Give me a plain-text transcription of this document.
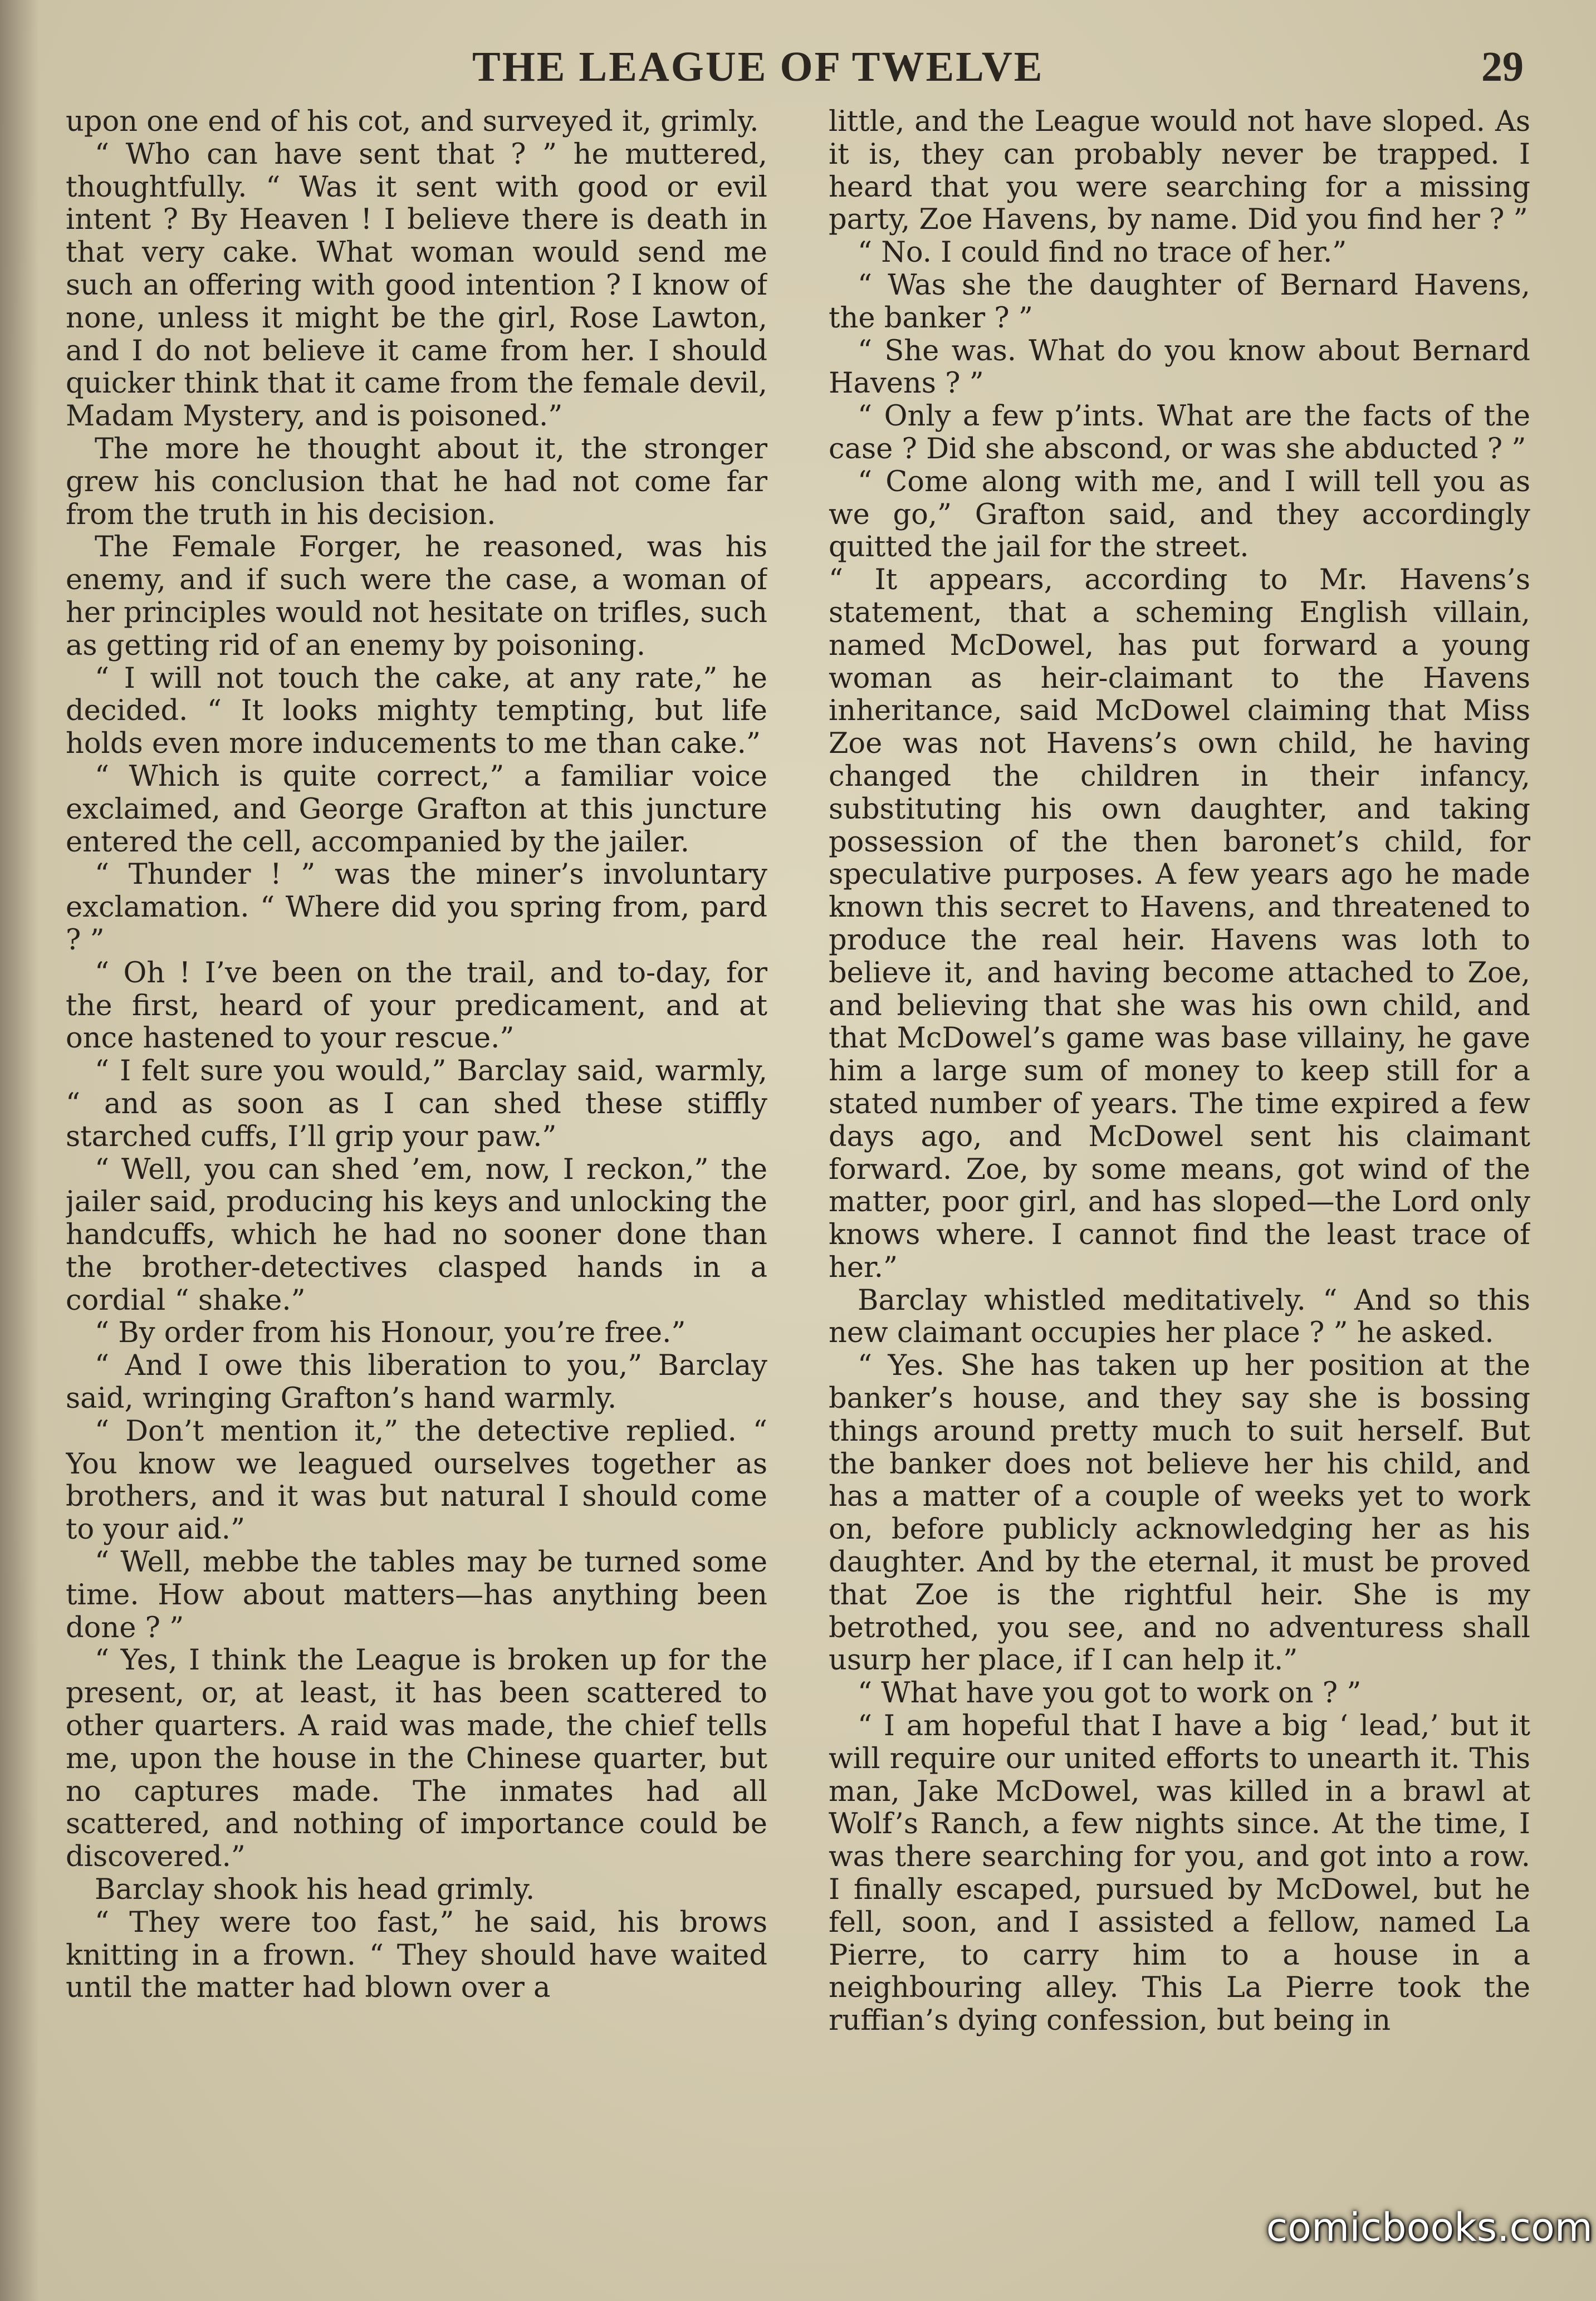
THE LEAGUE OF TWELVE	29

upon one end of his cot, and surveyed it, grimly.

“ Who can have sent that ? ” he muttered, thoughtfully. “ Was it sent with good or evil intent ? By Heaven ! I believe there is death in that very cake. What woman would send me such an offering with good intention ? I know of none, unless it might be the girl, Rose Lawton, and I do not believe it came from her. I should quicker think that it came from the female devil, Madam Mystery, and is poisoned.”

The more he thought about it, the stronger grew his conclusion that he had not come far from the truth in his decision.

The Female Forger, he reasoned, was his enemy, and if such were the case, a woman of her principles would not hesitate on trifles, such as getting rid of an enemy by poisoning.

“ I will not touch the cake, at any rate,” he decided. “ It looks mighty tempting, but life holds even more inducements to me than cake.”

“ Which is quite correct,” a familiar voice exclaimed, and George Grafton at this juncture entered the cell, accompanied by the jailer.

“ Thunder ! ” was the miner’s involuntary exclamation. “ Where did you spring from, pard ? ”

“ Oh ! I’ve been on the trail, and to-day, for the first, heard of your predicament, and at once hastened to your rescue.”

“ I felt sure you would,” Barclay said, warmly, “ and as soon as I can shed these stiffly starched cuffs, I’ll grip your paw.”

“ Well, you can shed ’em, now, I reckon,” the jailer said, producing his keys and unlocking the handcuffs, which he had no sooner done than the brother-detectives clasped hands in a cordial “ shake.”

“ By order from his Honour, you’re free.”

“ And I owe this liberation to you,” Barclay said, wringing Grafton’s hand warmly.

“ Don’t mention it,” the detective replied. “ You know we leagued ourselves together as brothers, and it was but natural I should come to your aid.”

“ Well, mebbe the tables may be turned some time. How about matters—has anything been done ? ”

“ Yes, I think the League is broken up for the present, or, at least, it has been scattered to other quarters. A raid was made, the chief tells me, upon the house in the Chinese quarter, but no captures made. The inmates had all scattered, and nothing of importance could be discovered.”

Barclay shook his head grimly.

“ They were too fast,” he said, his brows knitting in a frown. “ They should have waited until the matter had blown over a

little, and the League would not have sloped. As it is, they can probably never be trapped. I heard that you were searching for a missing party, Zoe Havens, by name. Did you find her ? ”

“ No. I could find no trace of her.”

“ Was she the daughter of Bernard Havens, the banker ? ”

“ She was. What do you know about Bernard Havens ? ”

“ Only a few p’ints. What are the facts of the case ? Did she abscond, or was she abducted ? ”

“ Come along with me, and I will tell you as we go,” Grafton said, and they accordingly quitted the jail for the street.

“ It appears, according to Mr. Havens’s statement, that a scheming English villain, named McDowel, has put forward a young woman as heir-claimant to the Havens inheritance, said McDowel claiming that Miss Zoe was not Havens’s own child, he having changed the children in their infancy, substituting his own daughter, and taking possession of the then baronet’s child, for speculative purposes. A few years ago he made known this secret to Havens, and threatened to produce the real heir. Havens was loth to believe it, and having become attached to Zoe, and believing that she was his own child, and that McDowel’s game was base villainy, he gave him a large sum of money to keep still for a stated number of years. The time expired a few days ago, and McDowel sent his claimant forward. Zoe, by some means, got wind of the matter, poor girl, and has sloped—the Lord only knows where. I cannot find the least trace of her.”

Barclay whistled meditatively. “ And so this new claimant occupies her place ? ” he asked.

“ Yes. She has taken up her position at the banker’s house, and they say she is bossing things around pretty much to suit herself. But the banker does not believe her his child, and has a matter of a couple of weeks yet to work on, before publicly acknowledging her as his daughter. And by the eternal, it must be proved that Zoe is the rightful heir. She is my betrothed, you see, and no adventuress shall usurp her place, if I can help it.”

“ What have you got to work on ? ”

“ I am hopeful that I have a big ‘ lead,’ but it will require our united efforts to unearth it. This man, Jake McDowel, was killed in a brawl at Wolf’s Ranch, a few nights since. At the time, I was there searching for you, and got into a row. I finally escaped, pursued by McDowel, but he fell, soon, and I assisted a fellow, named La Pierre, to carry him to a house in a neighbouring alley. This La Pierre took the ruffian’s dying confession, but being in

comicbooks.com
